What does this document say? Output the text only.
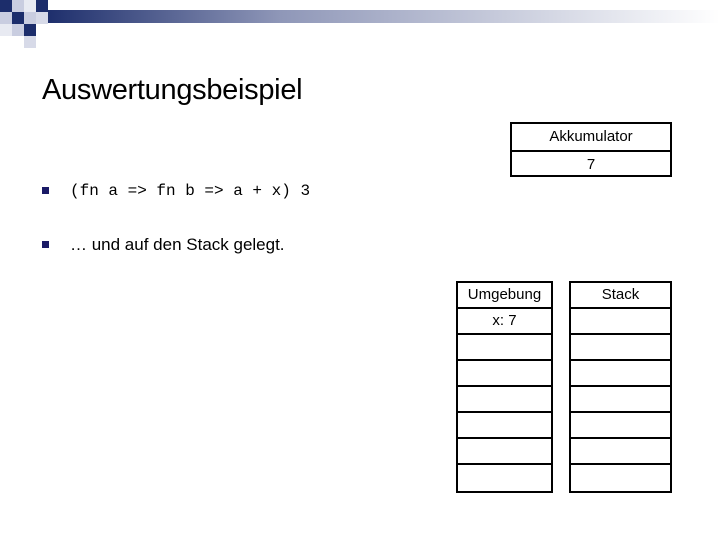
Auswertungsbeispiel
(fn a => fn b => a + x) 3
… und auf den Stack gelegt.
Akkumulator
7
Umgebung
x: 7
Stack
